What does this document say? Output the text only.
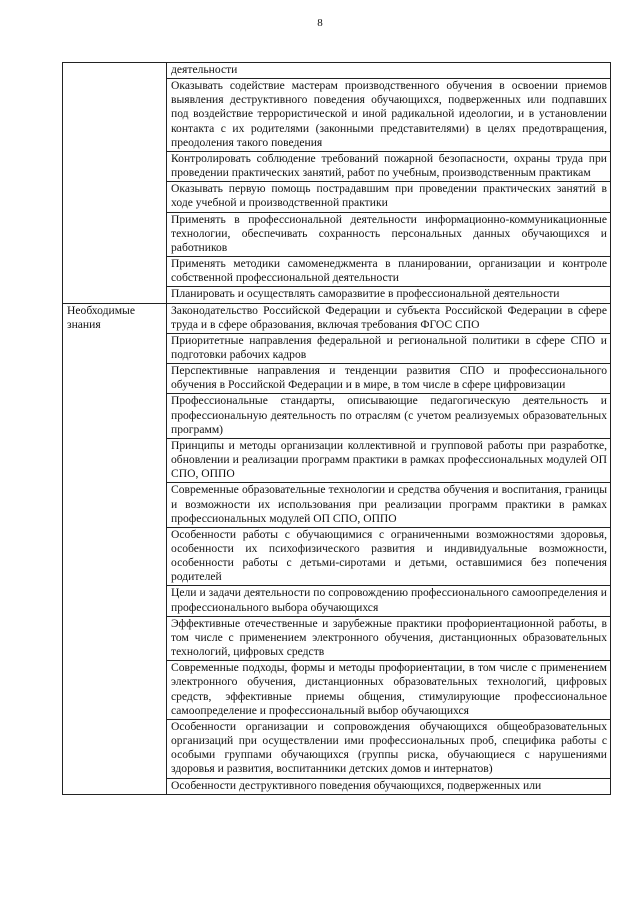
8
	деятельности
	Оказывать содействие мастерам производственного обучения в освоении приемов выявления деструктивного поведения обучающихся, подверженных или подпавших под воздействие террористической и иной радикальной идеологии, и в установлении контакта с их родителями (законными представителями) в целях предотвращения, преодоления такого поведения
	Контролировать соблюдение требований пожарной безопасности, охраны труда при проведении практических занятий, работ по учебным, производственным практикам
	Оказывать первую помощь пострадавшим при проведении практических занятий в ходе учебной и производственной практики
	Применять в профессиональной деятельности информационно-коммуникационные технологии, обеспечивать сохранность персональных данных обучающихся и работников
	Применять методики самоменеджмента в планировании, организации и контроле собственной профессиональной деятельности
	Планировать и осуществлять саморазвитие в профессиональной деятельности
Необходимые знания	Законодательство Российской Федерации и субъекта Российской Федерации в сфере труда и в сфере образования, включая требования ФГОС СПО
	Приоритетные направления федеральной и региональной политики в сфере СПО и подготовки рабочих кадров
	Перспективные направления и тенденции развития СПО и профессионального обучения в Российской Федерации и в мире, в том числе в сфере цифровизации
	Профессиональные стандарты, описывающие педагогическую деятельность и профессиональную деятельность по отраслям (с учетом реализуемых образовательных программ)
	Принципы и методы организации коллективной и групповой работы при разработке, обновлении и реализации программ практики в рамках профессиональных модулей ОП СПО, ОППО
	Современные образовательные технологии и средства обучения и воспитания, границы и возможности их использования при реализации программ практики в рамках профессиональных модулей ОП СПО, ОППО
	Особенности работы с обучающимися с ограниченными возможностями здоровья, особенности их психофизического развития и индивидуальные возможности, особенности работы с детьми-сиротами и детьми, оставшимися без попечения родителей
	Цели и задачи деятельности по сопровождению профессионального самоопределения и профессионального выбора обучающихся
	Эффективные отечественные и зарубежные практики профориентационной работы, в том числе с применением электронного обучения, дистанционных образовательных технологий, цифровых средств
	Современные подходы, формы и методы профориентации, в том числе с применением электронного обучения, дистанционных образовательных технологий, цифровых средств, эффективные приемы общения, стимулирующие профессиональное самоопределение и профессиональный выбор обучающихся
	Особенности организации и сопровождения обучающихся общеобразовательных организаций при осуществлении ими профессиональных проб, специфика работы с особыми группами обучающихся (группы риска, обучающиеся с нарушениями здоровья и развития, воспитанники детских домов и интернатов)
	Особенности деструктивного поведения обучающихся, подверженных или
